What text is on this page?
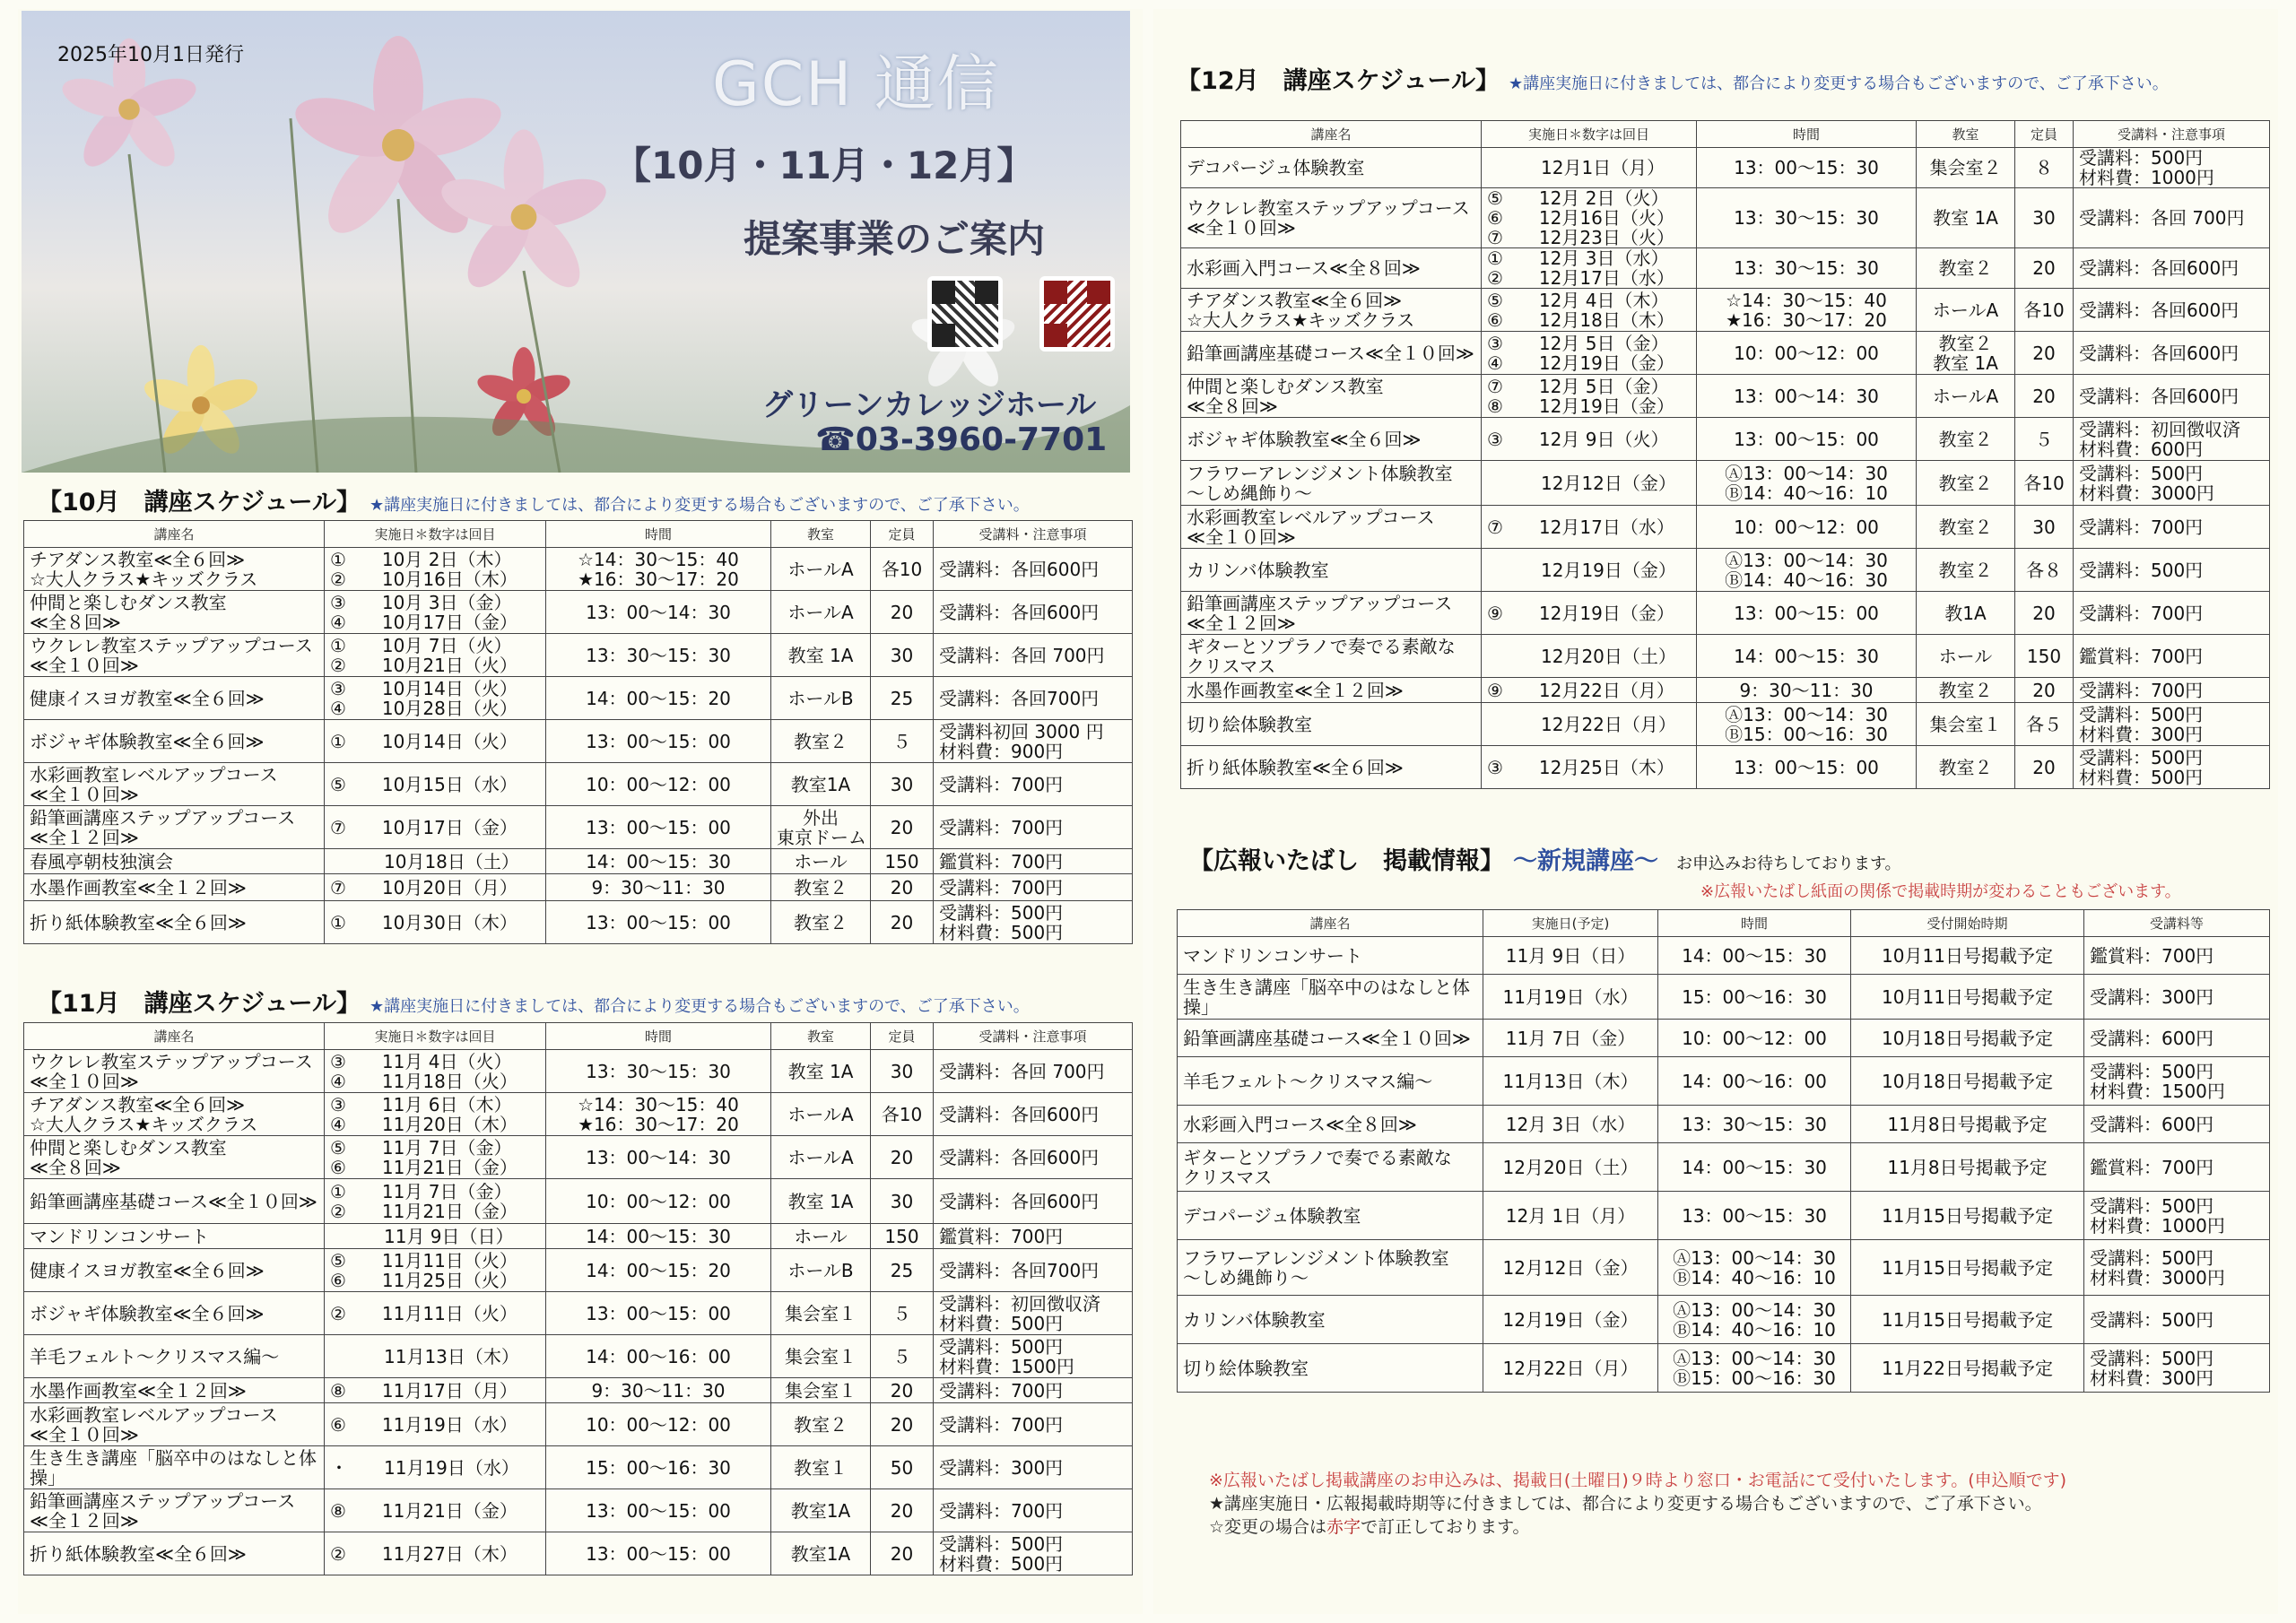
2025年10月1日発行	GCH 通信
【10月・11月・12月】
提案事業のご案内
グリーンカレッジホール
☎03-3960-7701
【10月　講座スケジュール】 ★講座実施日に付きましては、都合により変更する場合もございますので、ご了承下さい。
講座名	実施日＊数字は回目	時間	教室	定員	受講料・注意事項

チアダンス教室≪全６回≫
☆大人クラス★キッズクラス	①　　10月 2日（木）
②　　10月16日（木）	☆14：30～15：40
★16：30～17：20	ホールA	各10	受講料：各回600円

仲間と楽しむダンス教室
≪全８回≫	③　　10月 3日（金）
④　　10月17日（金）	13：00～14：30	ホールA	20	受講料：各回600円

ウクレレ教室ステップアップコース
≪全１０回≫	①　　10月 7日（火）
②　　10月21日（火）	13：30～15：30	教室 1A	30	受講料：各回 700円

健康イスヨガ教室≪全６回≫	③　　10月14日（火）
④　　10月28日（火）	14：00～15：20	ホールB	25	受講料：各回700円

ボジャギ体験教室≪全６回≫	①　　10月14日（火）	13：00～15：00	教室２	５	受講料初回 3000 円
材料費：900円

水彩画教室レベルアップコース
≪全１０回≫	⑤　　10月15日（水）	10：00～12：00	教室1A	30	受講料：700円

鉛筆画講座ステップアップコース
≪全１２回≫	⑦　　10月17日（金）	13：00～15：00	外出
東京ドーム	20	受講料：700円

春風亭朝枝独演会	　　　10月18日（土）	14：00～15：30	ホール	150	鑑賞料：700円

水墨作画教室≪全１２回≫	⑦　　10月20日（月）	9：30～11：30	教室２	20	受講料：700円

折り紙体験教室≪全６回≫	①　　10月30日（木）	13：00～15：00	教室２	20	受講料：500円
材料費：500円
【11月　講座スケジュール】 ★講座実施日に付きましては、都合により変更する場合もございますので、ご了承下さい。
講座名	実施日＊数字は回目	時間	教室	定員	受講料・注意事項

ウクレレ教室ステップアップコース
≪全１０回≫	③　　11月 4日（火）
④　　11月18日（火）	13：30～15：30	教室 1A	30	受講料：各回 700円

チアダンス教室≪全６回≫
☆大人クラス★キッズクラス	③　　11月 6日（木）
④　　11月20日（木）	☆14：30～15：40
★16：30～17：20	ホールA	各10	受講料：各回600円

仲間と楽しむダンス教室
≪全８回≫	⑤　　11月 7日（金）
⑥　　11月21日（金）	13：00～14：30	ホールA	20	受講料：各回600円

鉛筆画講座基礎コース≪全１０回≫	①　　11月 7日（金）
②　　11月21日（金）	10：00～12：00	教室 1A	30	受講料：各回600円

マンドリンコンサート	　　　11月 9日（日）	14：00～15：30	ホール	150	鑑賞料：700円

健康イスヨガ教室≪全６回≫	⑤　　11月11日（火）
⑥　　11月25日（火）	14：00～15：20	ホールB	25	受講料：各回700円

ボジャギ体験教室≪全６回≫	②　　11月11日（火）	13：00～15：00	集会室１	５	受講料：初回徴収済
材料費：500円

羊毛フェルト～クリスマス編～	　　　11月13日（木）	14：00～16：00	集会室１	５	受講料：500円
材料費：1500円

水墨作画教室≪全１２回≫	⑧　　11月17日（月）	9：30～11：30	集会室１	20	受講料：700円

水彩画教室レベルアップコース
≪全１０回≫	⑥　　11月19日（水）	10：00～12：00	教室２	20	受講料：700円

生き生き講座「脳卒中のはなしと体
操」	・　　11月19日（水）	15：00～16：30	教室１	50	受講料：300円

鉛筆画講座ステップアップコース
≪全１２回≫	⑧　　11月21日（金）	13：00～15：00	教室1A	20	受講料：700円

折り紙体験教室≪全６回≫	②　　11月27日（木）	13：00～15：00	教室1A	20	受講料：500円
材料費：500円
【12月　講座スケジュール】 ★講座実施日に付きましては、都合により変更する場合もございますので、ご了承下さい。
講座名	実施日＊数字は回目	時間	教室	定員	受講料・注意事項

デコパージュ体験教室	　　　12月1日（月）	13：00～15：30	集会室２	８	受講料：500円
材料費：1000円

ウクレレ教室ステップアップコース
≪全１０回≫	⑤　　12月 2日（火）
⑥　　12月16日（火）
⑦　　12月23日（火）	13：30～15：30	教室 1A	30	受講料：各回 700円

水彩画入門コース≪全８回≫	①　　12月 3日（水）
②　　12月17日（水）	13：30～15：30	教室２	20	受講料：各回600円

チアダンス教室≪全６回≫
☆大人クラス★キッズクラス	⑤　　12月 4日（木）
⑥　　12月18日（木）	☆14：30～15：40
★16：30～17：20	ホールA	各10	受講料：各回600円

鉛筆画講座基礎コース≪全１０回≫	③　　12月 5日（金）
④　　12月19日（金）	10：00～12：00	教室２
教室 1A	20	受講料：各回600円

仲間と楽しむダンス教室
≪全８回≫	⑦　　12月 5日（金）
⑧　　12月19日（金）	13：00～14：30	ホールA	20	受講料：各回600円

ボジャギ体験教室≪全６回≫	③　　12月 9日（火）	13：00～15：00	教室２	５	受講料：初回徴収済
材料費：600円

フラワーアレンジメント体験教室
～しめ縄飾り～	　　　12月12日（金）	Ⓐ13：00～14：30
Ⓑ14：40～16：10	教室２	各10	受講料：500円
材料費：3000円

水彩画教室レベルアップコース
≪全１０回≫	⑦　　12月17日（水）	10：00～12：00	教室２	30	受講料：700円

カリンバ体験教室	　　　12月19日（金）	Ⓐ13：00～14：30
Ⓑ14：40～16：30	教室２	各８	受講料：500円

鉛筆画講座ステップアップコース
≪全１２回≫	⑨　　12月19日（金）	13：00～15：00	教1A	20	受講料：700円

ギターとソプラノで奏でる素敵な
クリスマス	　　　12月20日（土）	14：00～15：30	ホール	150	鑑賞料：700円

水墨作画教室≪全１２回≫	⑨　　12月22日（月）	9：30～11：30	教室２	20	受講料：700円

切り絵体験教室	　　　12月22日（月）	Ⓐ13：00～14：30
Ⓑ15：00～16：30	集会室１	各５	受講料：500円
材料費：300円

折り紙体験教室≪全６回≫	③　　12月25日（木）	13：00～15：00	教室２	20	受講料：500円
材料費：500円
【広報いたばし　掲載情報】 ～新規講座～ お申込みお待ちしております。
※広報いたばし紙面の関係で掲載時期が変わることもございます。
講座名	実施日(予定)	時間	受付開始時期	受講料等

マンドリンコンサート	11月 9日（日）	14：00～15：30	10月11日号掲載予定	鑑賞料：700円

生き生き講座「脳卒中のはなしと体
操」	11月19日（水）	15：00～16：30	10月11日号掲載予定	受講料：300円

鉛筆画講座基礎コース≪全１０回≫	11月 7日（金）	10：00～12：00	10月18日号掲載予定	受講料：600円

羊毛フェルト～クリスマス編～	11月13日（木）	14：00～16：00	10月18日号掲載予定	受講料：500円
材料費：1500円

水彩画入門コース≪全８回≫	12月 3日（水）	13：30～15：30	11月8日号掲載予定	受講料：600円

ギターとソプラノで奏でる素敵な
クリスマス	12月20日（土）	14：00～15：30	11月8日号掲載予定	鑑賞料：700円

デコパージュ体験教室	12月 1日（月）	13：00～15：30	11月15日号掲載予定	受講料：500円
材料費：1000円

フラワーアレンジメント体験教室
～しめ縄飾り～	12月12日（金）	Ⓐ13：00～14：30
Ⓑ14：40～16：10	11月15日号掲載予定	受講料：500円
材料費：3000円

カリンバ体験教室	12月19日（金）	Ⓐ13：00～14：30
Ⓑ14：40～16：10	11月15日号掲載予定	受講料：500円

切り絵体験教室	12月22日（月）	Ⓐ13：00～14：30
Ⓑ15：00～16：30	11月22日号掲載予定	受講料：500円
材料費：300円
※広報いたばし掲載講座のお申込みは、掲載日(土曜日)９時より窓口・お電話にて受付いたします。(申込順です)
★講座実施日・広報掲載時期等に付きましては、都合により変更する場合もございますので、ご了承下さい。
☆変更の場合は赤字で訂正しております。
